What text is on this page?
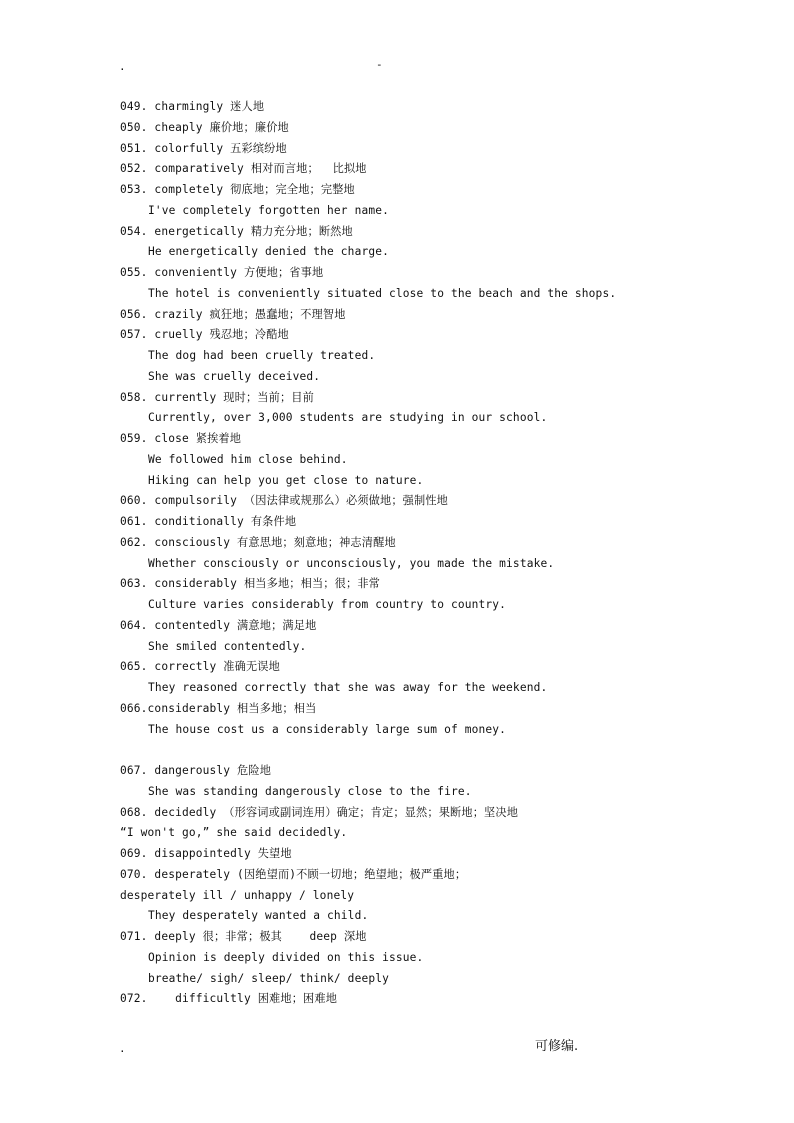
.	-
049. charmingly 迷人地
050. cheaply 廉价地；廉价地
051. colorfully 五彩缤纷地
052. comparatively 相对而言地；  比拟地
053. completely 彻底地；完全地；完整地
I've completely forgotten her name.
054. energetically 精力充分地；断然地
He energetically denied the charge.
055. conveniently 方便地；省事地
The hotel is conveniently situated close to the beach and the shops.
056. crazily 疯狂地；愚蠢地；不理智地
057. cruelly 残忍地；冷酷地
The dog had been cruelly treated.
She was cruelly deceived.
058. currently 现时；当前；目前
Currently, over 3,000 students are studying in our school.
059. close 紧挨着地
We followed him close behind.
Hiking can help you get close to nature.
060. compulsorily （因法律或规那么）必须做地；强制性地
061. conditionally 有条件地
062. consciously 有意思地；刻意地；神志清醒地
Whether consciously or unconsciously, you made the mistake.
063. considerably 相当多地；相当；很；非常
Culture varies considerably from country to country.
064. contentedly 满意地；满足地
She smiled contentedly.
065. correctly 准确无误地
They reasoned correctly that she was away for the weekend.
066.considerably 相当多地；相当
The house cost us a considerably large sum of money.
067. dangerously 危险地
She was standing dangerously close to the fire.
068. decidedly （形容词或副词连用）确定；肯定；显然；果断地；坚决地
“I won't go,” she said decidedly.
069. disappointedly 失望地
070. desperately (因绝望而)不顾一切地；绝望地；极严重地；
desperately ill / unhappy / lonely
They desperately wanted a child.
071. deeply 很；非常；极其    deep 深地
Opinion is deeply divided on this issue.
breathe/ sigh/ sleep/ think/ deeply
072.    difficultly 困难地；困难地
.	可修编.
